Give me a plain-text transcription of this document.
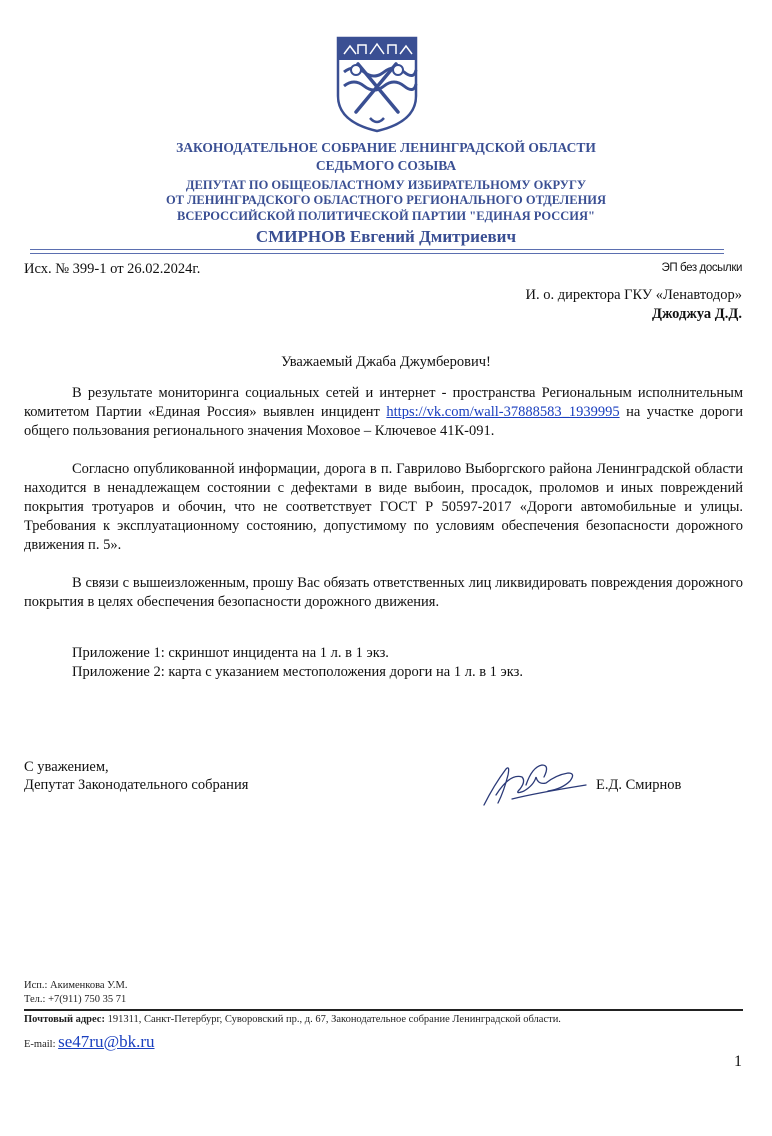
ЗАКОНОДАТЕЛЬНОЕ СОБРАНИЕ ЛЕНИНГРАДСКОЙ ОБЛАСТИ
СЕДЬМОГО СОЗЫВА
ДЕПУТАТ ПО ОБЩЕОБЛАСТНОМУ ИЗБИРАТЕЛЬНОМУ ОКРУГУ
ОТ ЛЕНИНГРАДСКОГО ОБЛАСТНОГО РЕГИОНАЛЬНОГО ОТДЕЛЕНИЯ
ВСЕРОССИЙСКОЙ ПОЛИТИЧЕСКОЙ ПАРТИИ "ЕДИНАЯ РОССИЯ"
СМИРНОВ Евгений Дмитриевич
Исх. № 399-1 от 26.02.2024г.	ЭП без досылки
И. о. директора ГКУ «Ленавтодор»
Джоджуа Д.Д.
Уважаемый Джаба Джумберович!

В результате мониторинга социальных сетей и интернет - пространства Региональным исполнительным комитетом Партии «Единая Россия» выявлен инцидент https://vk.com/wall-37888583_1939995 на участке дороги общего пользования регионального значения Моховое – Ключевое 41К-091.

Согласно опубликованной информации, дорога в п. Гаврилово Выборгского района Ленинградской области находится в ненадлежащем состоянии с дефектами в виде выбоин, просадок, проломов и иных повреждений покрытия тротуаров и обочин, что не соответствует ГОСТ Р 50597-2017 «Дороги автомобильные и улицы. Требования к эксплуатационному состоянию, допустимому по условиям обеспечения безопасности дорожного движения п. 5».

В связи с вышеизложенным, прошу Вас обязать ответственных лиц ликвидировать повреждения дорожного покрытия в целях обеспечения безопасности дорожного движения.

Приложение 1: скриншот инцидента на 1 л. в 1 экз.
Приложение 2: карта с указанием местоположения дороги на 1 л. в 1 экз.
С уважением,
Депутат Законодательного собрания	Е.Д. Смирнов
Исп.: Акименкова У.М.
Тел.: +7(911) 750 35 71
Почтовый адрес: 191311, Санкт-Петербург, Суворовский пр., д. 67, Законодательное собрание Ленинградской области.
E-mail: se47ru@bk.ru
1
